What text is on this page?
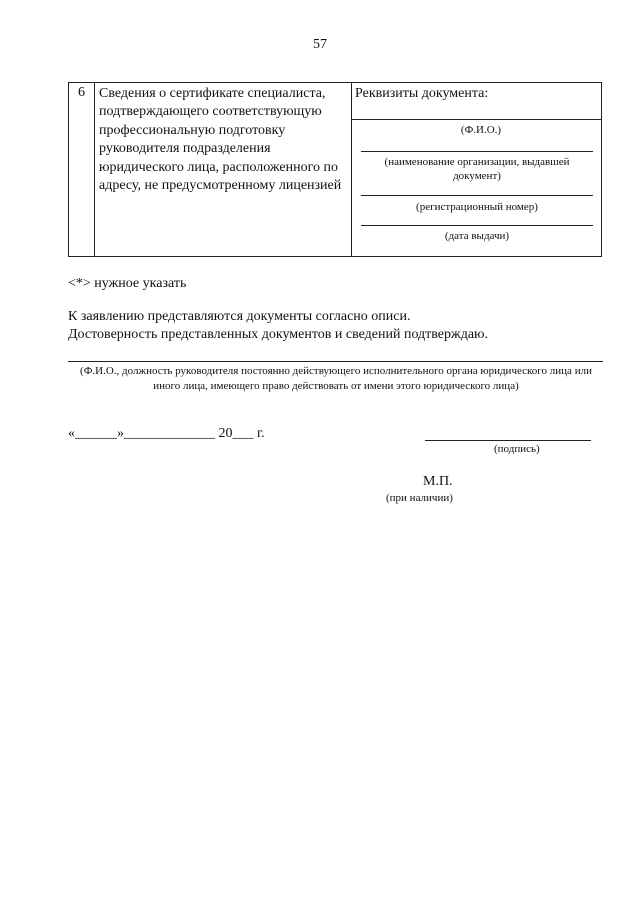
57
6	Сведения о сертификате специалиста, подтверждающего соответствующую профессиональную подготовку руководителя подразделения юридического лица, расположенного по адресу, не предусмотренному лицензией
Реквизиты документа:
(Ф.И.О.)
(наименование организации, выдавшей документ)
(регистрационный номер)
(дата выдачи)
<*> нужное указать
К заявлению представляются документы согласно описи.
Достоверность представленных документов и сведений подтверждаю.
(Ф.И.О., должность руководителя постоянно действующего исполнительного органа юридического лица или иного лица, имеющего право действовать от имени этого юридического лица)
«______»_____________ 20___ г.
(подпись)
М.П.
(при наличии)
